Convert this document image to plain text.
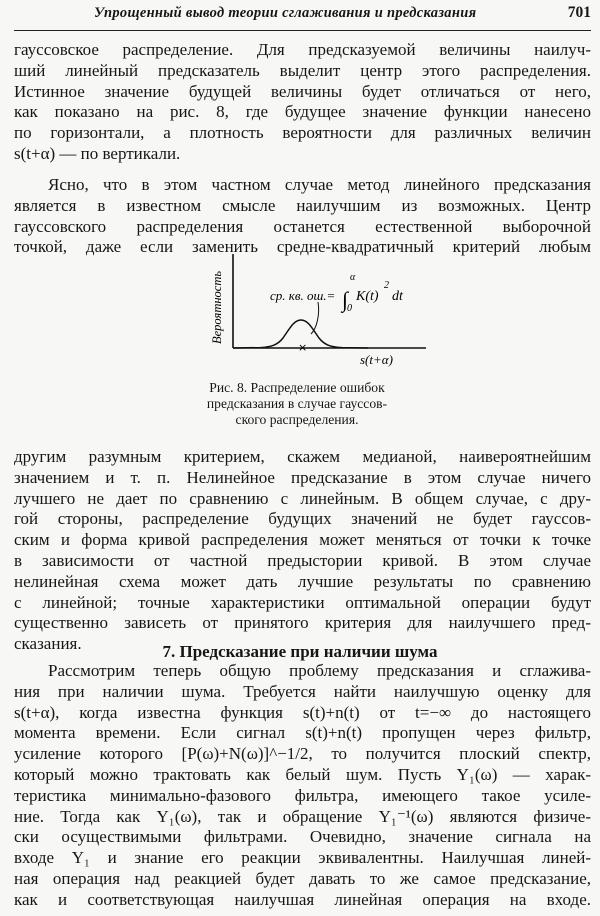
Упрощенный вывод теории сглаживания и предсказания	701
гауссовское распределение. Для предсказуемой величины наилуч-
ший линейный предсказатель выделит центр этого распределения.
Истинное значение будущей величины будет отличаться от него,
как показано на рис. 8, где будущее значение функции нанесено
по горизонтали, а плотность вероятности для различных величин
s(t+α) — по вертикали.
Ясно, что в этом частном случае метод линейного предсказания
является в известном смысле наилучшим из возможных. Центр
гауссовского распределения останется естественной выборочной
точкой, даже если заменить средне-квадратичный критерий любым
×
Вероятность	ср. кв. ош.= ∫
α
0
K(t)
2
dt
s(t+α)
Рис. 8. Распределение ошибок
предсказания в случае гауссов-
ского распределения.
другим разумным критерием, скажем медианой, наивероятнейшим
значением и т. п. Нелинейное предсказание в этом случае ничего
лучшего не дает по сравнению с линейным. В общем случае, с дру-
гой стороны, распределение будущих значений не будет гауссов-
ским и форма кривой распределения может меняться от точки к точке
в зависимости от частной предыстории кривой. В этом случае
нелинейная схема может дать лучшие результаты по сравнению
с линейной; точные характеристики оптимальной операции будут
существенно зависеть от принятого критерия для наилучшего пред-
сказания.	7. Предсказание при наличии шума
Рассмотрим теперь общую проблему предсказания и сглажива-
ния при наличии шума. Требуется найти наилучшую оценку для
s(t+α), когда известна функция s(t)+n(t) от t=−∞ до настоящего
момента времени. Если сигнал s(t)+n(t) пропущен через фильтр,
усиление которого [P(ω)+N(ω)]^−1/2, то получится плоский спектр,
который можно трактовать как белый шум. Пусть Y₁(ω) — харак-
теристика минимально-фазового фильтра, имеющего такое усиле-
ние. Тогда как Y₁(ω), так и обращение Y₁⁻¹(ω) являются физиче-
ски осуществимыми фильтрами. Очевидно, значение сигнала на
входе Y₁ и знание его реакции эквивалентны. Наилучшая линей-
ная операция над реакцией будет давать то же самое предсказание,
как и соответствующая наилучшая линейная операция на входе.
